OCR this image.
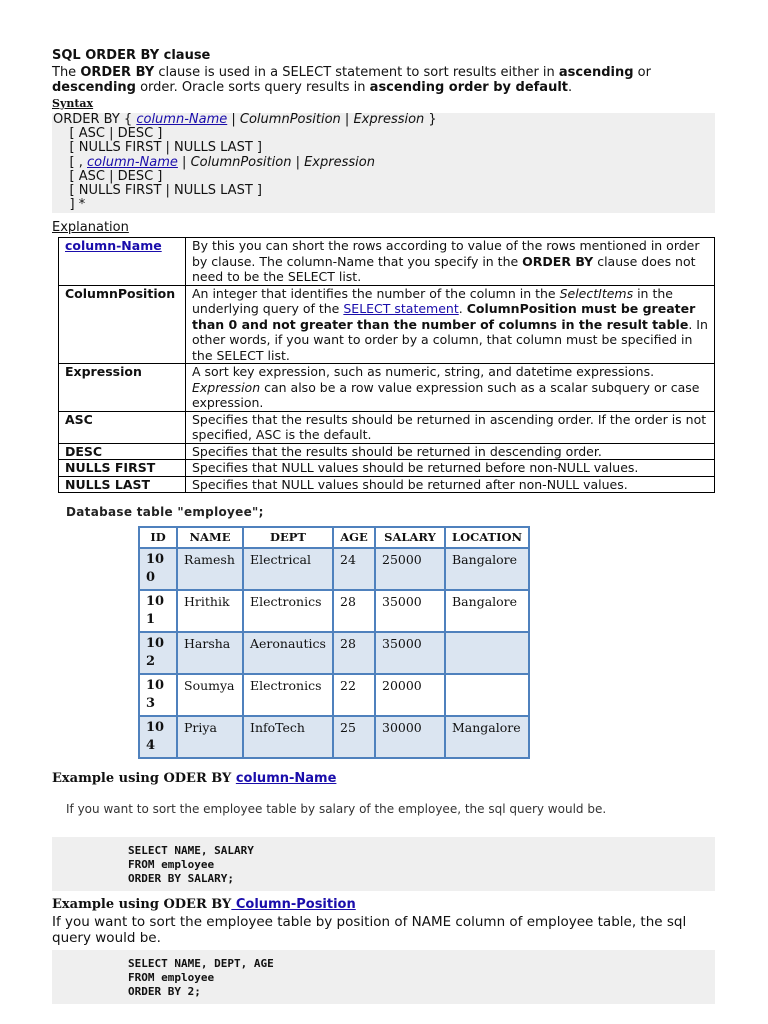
SQL ORDER BY clause
The ORDER BY clause is used in a SELECT statement to sort results either in ascending or descending order. Oracle sorts query results in ascending order by default.
Syntax
ORDER BY { column-Name | ColumnPosition | Expression }
[ ASC | DESC ]
[ NULLS FIRST | NULLS LAST ]
[ , column-Name | ColumnPosition | Expression
[ ASC | DESC ]
[ NULLS FIRST | NULLS LAST ]
] *
Explanation
column-Name	By this you can short the rows according to value of the rows mentioned in order by clause. The column-Name that you specify in the ORDER BY clause does not need to be the SELECT list.
ColumnPosition	An integer that identifies the number of the column in the SelectItems in the underlying query of the SELECT statement. ColumnPosition must be greater than 0 and not greater than the number of columns in the result table. In other words, if you want to order by a column, that column must be specified in the SELECT list.
Expression	A sort key expression, such as numeric, string, and datetime expressions. Expression can also be a row value expression such as a scalar subquery or case expression.
ASC	Specifies that the results should be returned in ascending order. If the order is not specified, ASC is the default.
DESC	Specifies that the results should be returned in descending order.
NULLS FIRST	Specifies that NULL values should be returned before non-NULL values.
NULLS LAST	Specifies that NULL values should be returned after non-NULL values.
Database table "employee";
ID	NAME	DEPT	AGE	SALARY	LOCATION
100	Ramesh	Electrical	24	25000	Bangalore
101	Hrithik	Electronics	28	35000	Bangalore
102	Harsha	Aeronautics	28	35000	
103	Soumya	Electronics	22	20000	
104	Priya	InfoTech	25	30000	Mangalore
Example using ODER BY column-Name
If you want to sort the employee table by salary of the employee, the sql query would be.
SELECT NAME, SALARY
FROM employee
ORDER BY SALARY;
Example using ODER BY Column-Position
If you want to sort the employee table by position of NAME column of employee table, the sql query would be.
SELECT NAME, DEPT, AGE
FROM employee
ORDER BY 2;
